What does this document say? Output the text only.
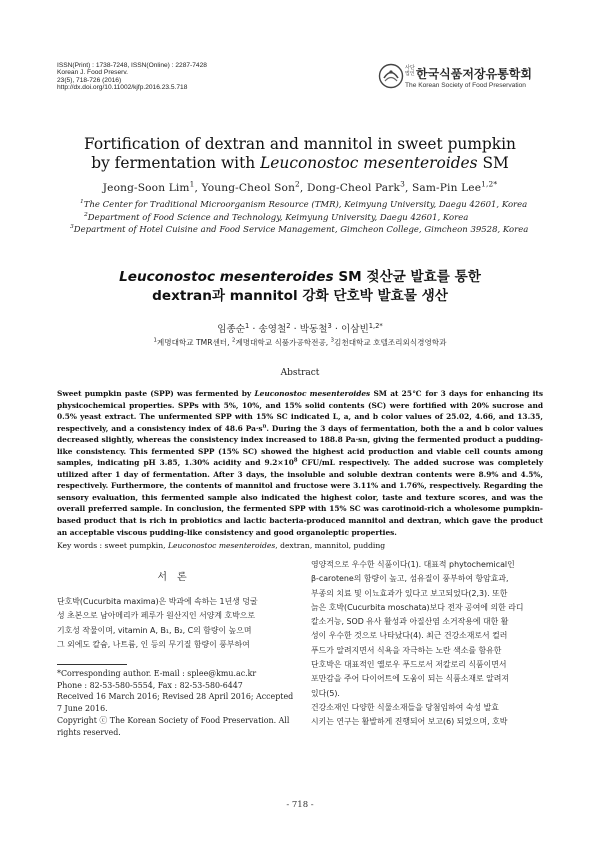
ISSN(Print) : 1738-7248, ISSN(Online) : 2287-7428
Korean J. Food Preserv.
23(5), 718-726 (2016)
http://dx.doi.org/10.11002/kjfp.2016.23.5.718
사단 법인 한국식품저장유통학회
The Korean Society of Food Preservation
Fortification of dextran and mannitol in sweet pumpkin
by fermentation with Leuconostoc mesenteroides SM
Jeong-Soon Lim$^1$, Young-Cheol Son$^2$, Dong-Cheol Park$^3$, Sam-Pin Lee$^{1,2*}$
$^1$The Center for Traditional Microorganism Resource (TMR), Keimyung University, Daegu 42601, Korea
$^2$Department of Food Science and Technology, Keimyung University, Daegu 42601, Korea
$^3$Department of Hotel Cuisine and Food Service Management, Gimcheon College, Gimcheon 39528, Korea
Leuconostoc mesenteroides SM 젖산균 발효를 통한
dextran과 mannitol 강화 단호박 발효물 생산
임종순$^1$ · 송영철$^2$ · 박동철$^3$ · 이삼빈$^{1,2*}$
$^1$계명대학교 TMR센터, $^2$계명대학교 식품가공학전공, $^3$김천대학교 호텔조리외식경영학과
Abstract
Sweet pumpkin paste (SPP) was fermented by Leuconostoc mesenteroides SM at 25℃ for 3 days for enhancing its physicochemical properties. SPPs with 5%, 10%, and 15% solid contents (SC) were fortified with 20% sucrose and 0.5% yeast extract. The unfermented SPP with 15% SC indicated L, a, and b color values of 25.02, 4.66, and 13.35, respectively, and a consistency index of 48.6 $Pa\cdot s^n$. During the 3 days of fermentation, both the a and b color values decreased slightly, whereas the consistency index increased to 188.8 Pa·sn, giving the fermented product a pudding-like consistency. This fermented SPP (15% SC) showed the highest acid production and viable cell counts among samples, indicating pH 3.85, 1.30% acidity and $9.2\times 10^8$ CFU/mL respectively. The added sucrose was completely utilized after 1 day of fermentation. After 3 days, the insoluble and soluble dextran contents were 8.9% and 4.5%, respectively. Furthermore, the contents of mannitol and fructose were 3.11% and 1.76%, respectively. Regarding the sensory evaluation, this fermented sample also indicated the highest color, taste and texture scores, and was the overall preferred sample. In conclusion, the fermented SPP with 15% SC was carotinoid-rich a wholesome pumpkin-based product that is rich in probiotics and lactic bacteria-produced mannitol and dextran, which gave the product an acceptable viscous pudding-like consistency and good organoleptic properties.
Key words : sweet pumpkin, Leuconostoc mesenteroides, dextran, mannitol, pudding
서론
단호박(Cucurbita maxima)은 박과에 속하는 1년생 덩굴
성 초본으로 남아메리카 페루가 원산지인 서양계 호박으로
기호성 작물이며, vitamin A, B₁, B₂, C의 함량이 높으며
그 외에도 칼슘, 나트륨, 인 등의 무기질 함량이 풍부하여
*Corresponding author. E-mail : splee@kmu.ac.kr
Phone : 82-53-580-5554, Fax : 82-53-580-6447
Received 16 March 2016; Revised 28 April 2016; Accepted
7 June 2016.
Copyright ⓒ The Korean Society of Food Preservation. All
rights reserved.
영양적으로 우수한 식품이다(1). 대표적 phytochemical인
β-carotene의 함량이 높고, 섬유질이 풍부하여 항암효과,
부종의 치료 및 이뇨효과가 있다고 보고되었다(2,3). 또한
늙은 호박(Cucurbita moschata)보다 전자 공여에 의한 라디
칼소거능, SOD 유사 활성과 아질산염 소거작용에 대한 활
성이 우수한 것으로 나타났다(4). 최근 건강소재로서 컬러
푸드가 알려지면서 식욕을 자극하는 노란 색소를 함유한
단호박은 대표적인 옐로우 푸드로서 저칼로리 식품이면서
포만감을 주어 다이어트에 도움이 되는 식품소재로 알려져
있다(5).
건강소재인 다양한 식물소재들을 당첨임하여 숙성 발효
시키는 연구는 활발하게 진행되어 보고(6) 되었으며, 호박
- 718 -
